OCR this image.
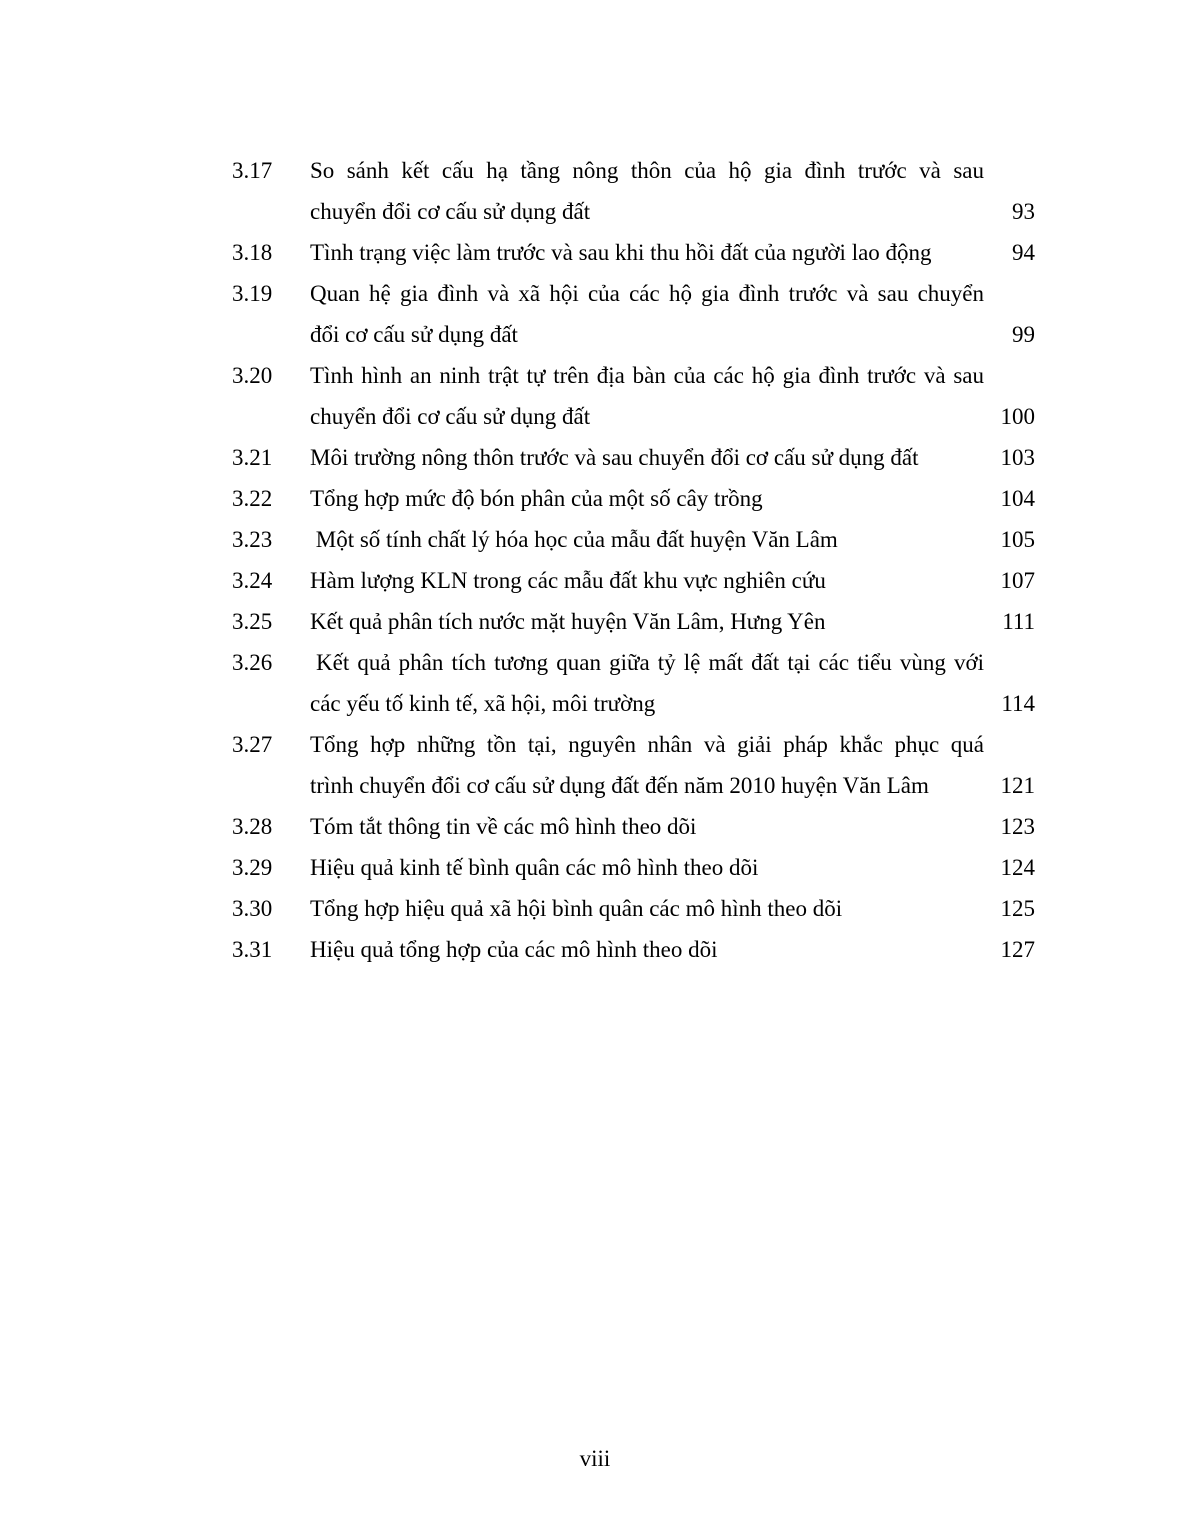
3.17 So sánh kết cấu hạ tầng nông thôn của hộ gia đình trước và sau
chuyển đổi cơ cấu sử dụng đất	93
3.18 Tình trạng việc làm trước và sau khi thu hồi đất của người lao động	94
3.19 Quan hệ gia đình và xã hội của các hộ gia đình trước và sau chuyển
đổi cơ cấu sử dụng đất	99
3.20 Tình hình an ninh trật tự trên địa bàn của các hộ gia đình trước và sau
chuyển đổi cơ cấu sử dụng đất	100
3.21 Môi trường nông thôn trước và sau chuyển đổi cơ cấu sử dụng đất	103
3.22 Tổng hợp mức độ bón phân của một số cây trồng	104
3.23 Một số tính chất lý hóa học của mẫu đất huyện Văn Lâm	105
3.24 Hàm lượng KLN trong các mẫu đất khu vực nghiên cứu	107
3.25 Kết quả phân tích nước mặt huyện Văn Lâm, Hưng Yên	111
3.26 Kết quả phân tích tương quan giữa tỷ lệ mất đất tại các tiểu vùng với
các yếu tố kinh tế, xã hội, môi trường	114
3.27 Tổng hợp những tồn tại, nguyên nhân và giải pháp khắc phục quá
trình chuyển đổi cơ cấu sử dụng đất đến năm 2010 huyện Văn Lâm	121
3.28 Tóm tắt thông tin về các mô hình theo dõi	123
3.29 Hiệu quả kinh tế bình quân các mô hình theo dõi	124
3.30 Tổng hợp hiệu quả xã hội bình quân các mô hình theo dõi	125
3.31 Hiệu quả tổng hợp của các mô hình theo dõi	127
viii
